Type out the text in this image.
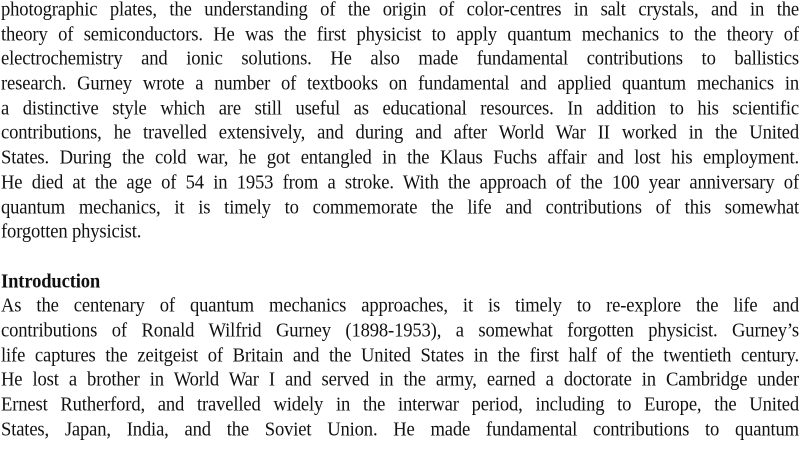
photographic plates, the understanding of the origin of color-centres in salt crystals, and in the
theory of semiconductors. He was the first physicist to apply quantum mechanics to the theory of
electrochemistry and ionic solutions. He also made fundamental contributions to ballistics
research. Gurney wrote a number of textbooks on fundamental and applied quantum mechanics in
a distinctive style which are still useful as educational resources. In addition to his scientific
contributions, he travelled extensively, and during and after World War II worked in the United
States. During the cold war, he got entangled in the Klaus Fuchs affair and lost his employment.
He died at the age of 54 in 1953 from a stroke. With the approach of the 100 year anniversary of
quantum mechanics, it is timely to commemorate the life and contributions of this somewhat
forgotten physicist.
Introduction
As the centenary of quantum mechanics approaches, it is timely to re-explore the life and
contributions of Ronald Wilfrid Gurney (1898-1953), a somewhat forgotten physicist. Gurney’s
life captures the zeitgeist of Britain and the United States in the first half of the twentieth century.
He lost a brother in World War I and served in the army, earned a doctorate in Cambridge under
Ernest Rutherford, and travelled widely in the interwar period, including to Europe, the United
States, Japan, India, and the Soviet Union. He made fundamental contributions to quantum
